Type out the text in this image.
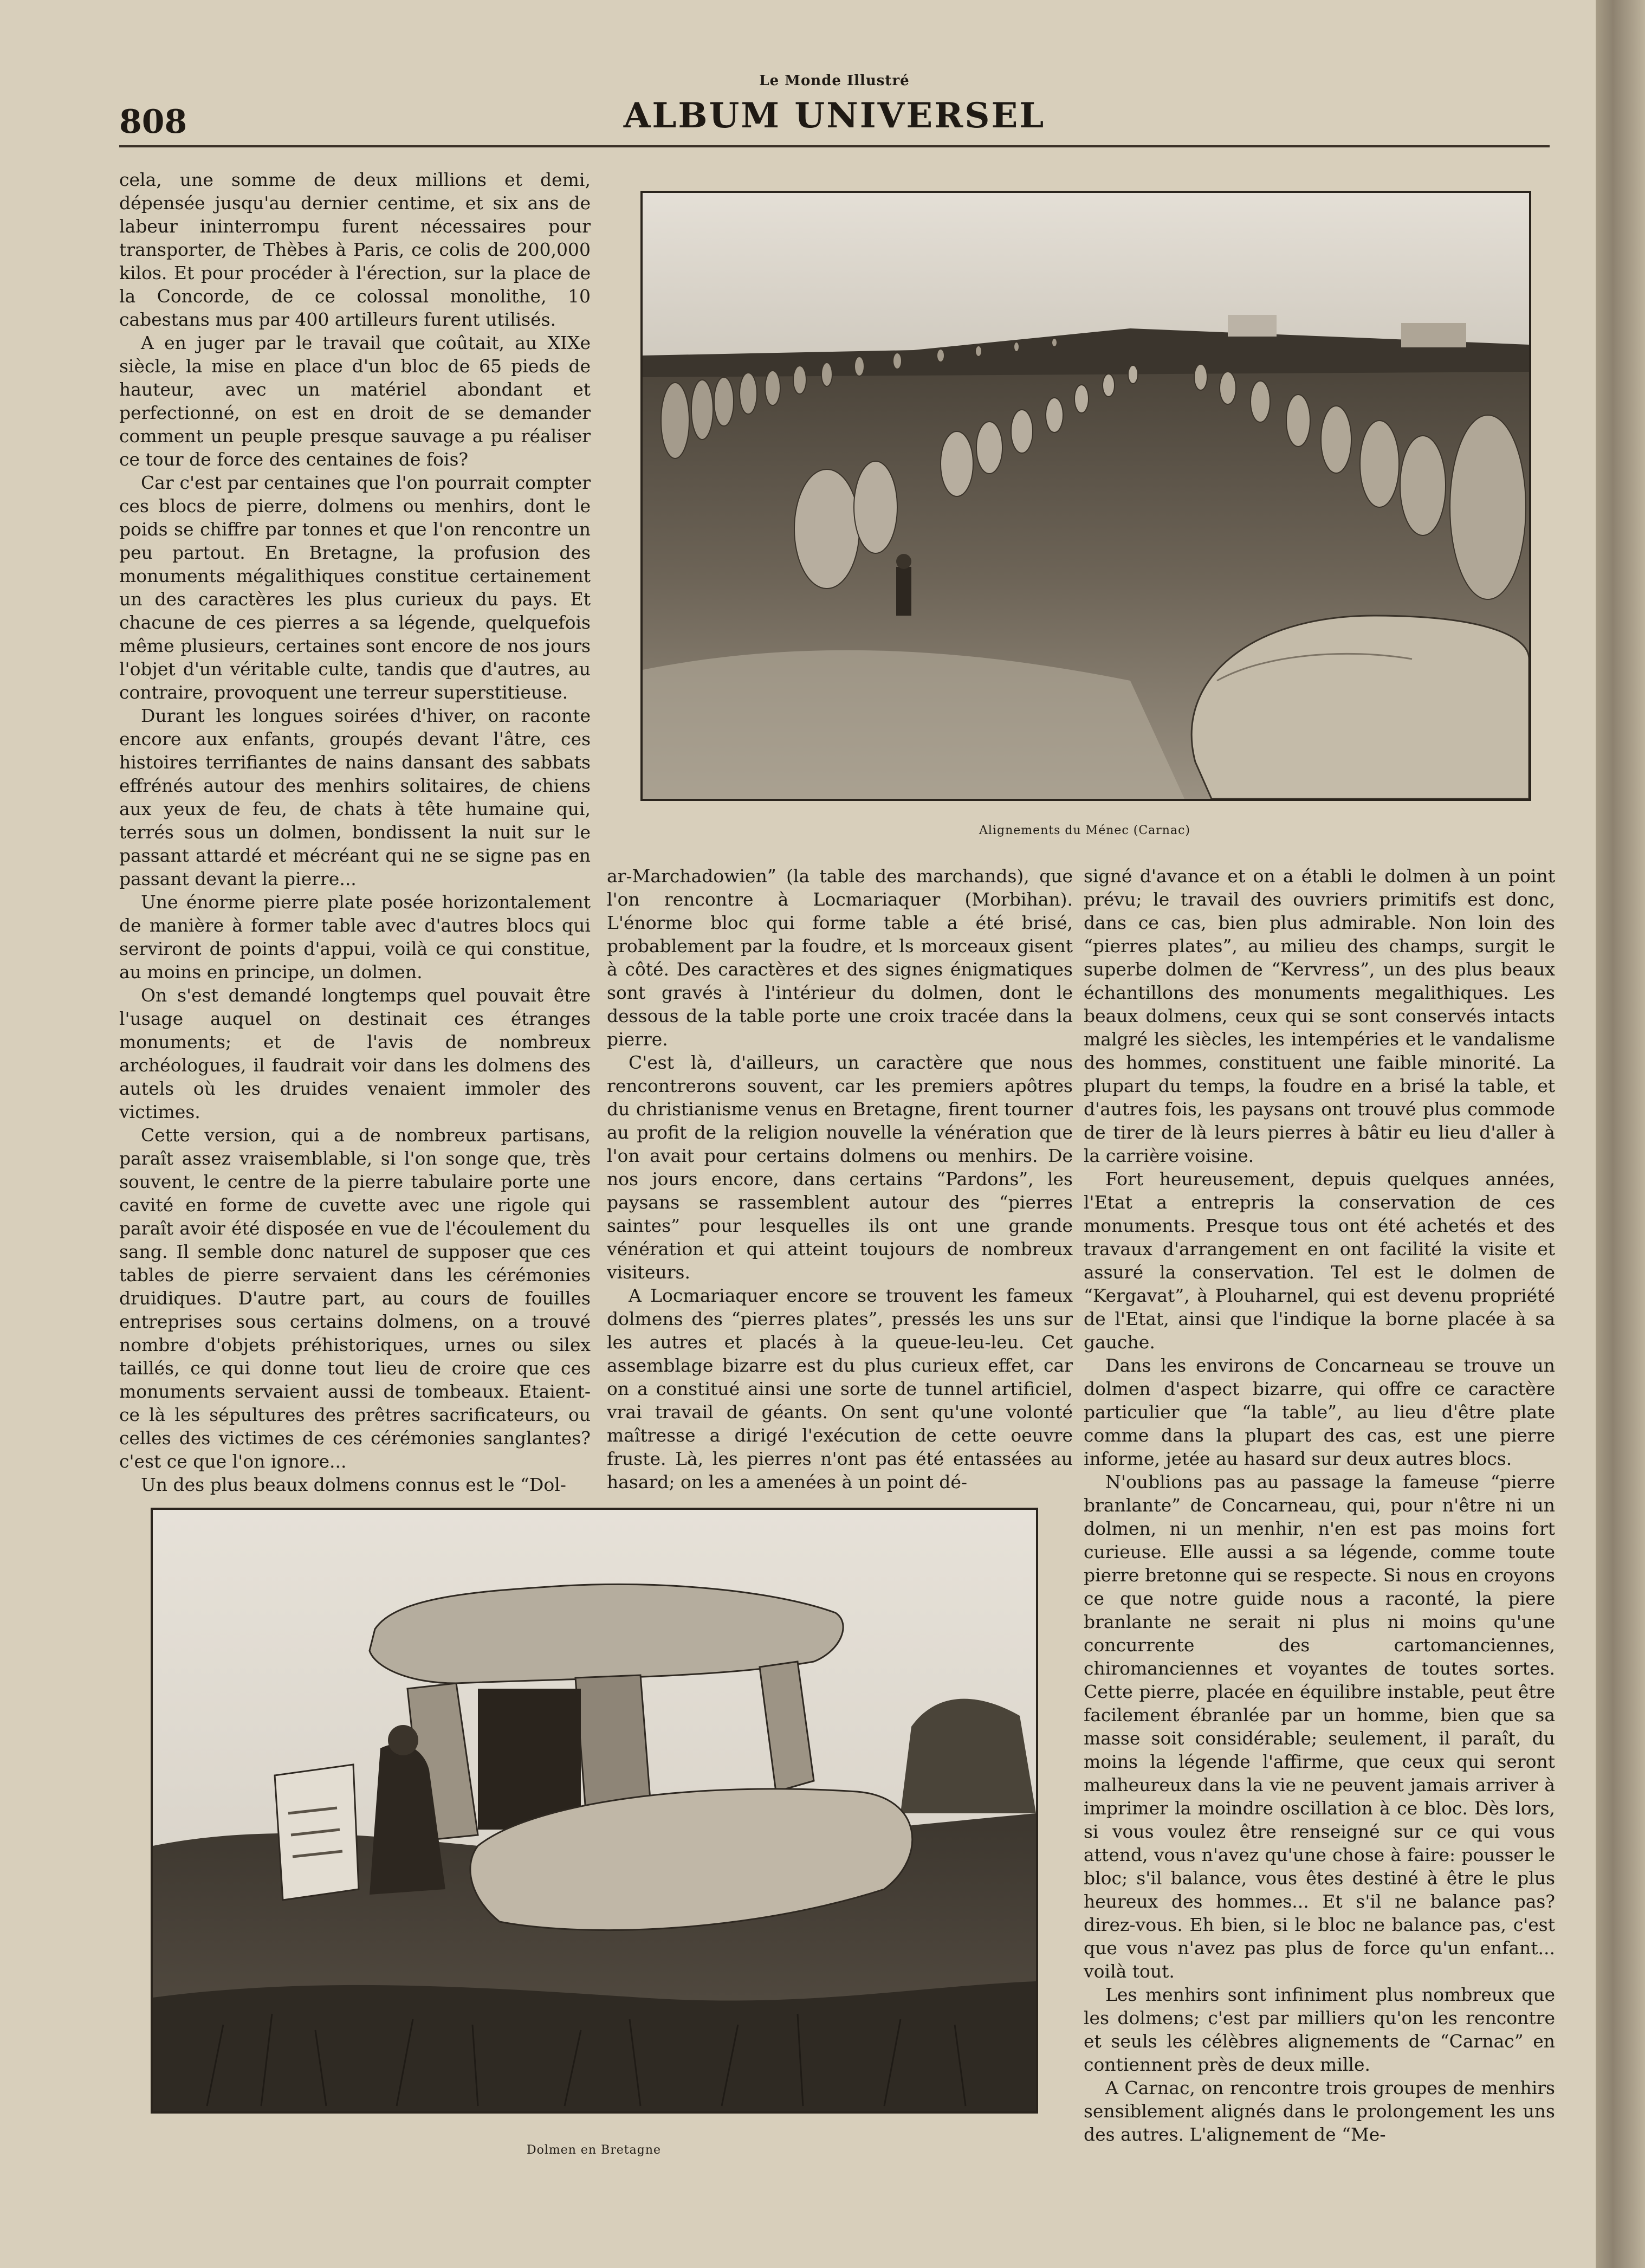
808
Le Monde Illustré
ALBUM UNIVERSEL

cela, une somme de deux millions et demi, dépensée jusqu'au dernier centime, et six ans de labeur ininterrompu furent nécessaires pour transporter, de Thèbes à Paris, ce colis de 200,000 kilos. Et pour procéder à l'érection, sur la place de la Concorde, de ce colossal monolithe, 10 cabestans mus par 400 artilleurs furent utilisés.

A en juger par le travail que coûtait, au XIXe siècle, la mise en place d'un bloc de 65 pieds de hauteur, avec un matériel abondant et perfectionné, on est en droit de se demander comment un peuple presque sauvage a pu réaliser ce tour de force des centaines de fois?

Car c'est par centaines que l'on pourrait compter ces blocs de pierre, dolmens ou menhirs, dont le poids se chiffre par tonnes et que l'on rencontre un peu partout. En Bretagne, la profusion des monuments mégalithiques constitue certainement un des caractères les plus curieux du pays. Et chacune de ces pierres a sa légende, quelquefois même plusieurs, certaines sont encore de nos jours l'objet d'un véritable culte, tandis que d'autres, au contraire, provoquent une terreur superstitieuse.

Durant les longues soirées d'hiver, on raconte encore aux enfants, groupés devant l'âtre, ces histoires terrifiantes de nains dansant des sabbats effrénés autour des menhirs solitaires, de chiens aux yeux de feu, de chats à tête humaine qui, terrés sous un dolmen, bondissent la nuit sur le passant attardé et mécréant qui ne se signe pas en passant devant la pierre...

Une énorme pierre plate posée horizontalement de manière à former table avec d'autres blocs qui serviront de points d'appui, voilà ce qui constitue, au moins en principe, un dolmen.

On s'est demandé longtemps quel pouvait être l'usage auquel on destinait ces étranges monuments; et de l'avis de nombreux archéologues, il faudrait voir dans les dolmens des autels où les druides venaient immoler des victimes.

Cette version, qui a de nombreux partisans, paraît assez vraisemblable, si l'on songe que, très souvent, le centre de la pierre tabulaire porte une cavité en forme de cuvette avec une rigole qui paraît avoir été disposée en vue de l'écoulement du sang. Il semble donc naturel de supposer que ces tables de pierre servaient dans les cérémonies druidiques. D'autre part, au cours de fouilles entreprises sous certains dolmens, on a trouvé nombre d'objets préhistoriques, urnes ou silex taillés, ce qui donne tout lieu de croire que ces monuments servaient aussi de tombeaux. Etaient-ce là les sépultures des prêtres sacrificateurs, ou celles des victimes de ces cérémonies sanglantes? c'est ce que l'on ignore...

Un des plus beaux dolmens connus est le “Dol-

Alignements du Ménec (Carnac)

ar-Marchadowien” (la table des marchands), que l'on rencontre à Locmariaquer (Morbihan). L'énorme bloc qui forme table a été brisé, probablement par la foudre, et ls morceaux gisent à côté. Des caractères et des signes énigmatiques sont gravés à l'intérieur du dolmen, dont le dessous de la table porte une croix tracée dans la pierre.

C'est là, d'ailleurs, un caractère que nous rencontrerons souvent, car les premiers apôtres du christianisme venus en Bretagne, firent tourner au profit de la religion nouvelle la vénération que l'on avait pour certains dolmens ou menhirs. De nos jours encore, dans certains “Pardons”, les paysans se rassemblent autour des “pierres saintes” pour lesquelles ils ont une grande vénération et qui atteint toujours de nombreux visiteurs.

A Locmariaquer encore se trouvent les fameux dolmens des “pierres plates”, pressés les uns sur les autres et placés à la queue-leu-leu. Cet assemblage bizarre est du plus curieux effet, car on a constitué ainsi une sorte de tunnel artificiel, vrai travail de géants. On sent qu'une volonté maîtresse a dirigé l'exécution de cette oeuvre fruste. Là, les pierres n'ont pas été entassées au hasard; on les a amenées à un point dé-

signé d'avance et on a établi le dolmen à un point prévu; le travail des ouvriers primitifs est donc, dans ce cas, bien plus admirable. Non loin des “pierres plates”, au milieu des champs, surgit le superbe dolmen de “Kervress”, un des plus beaux échantillons des monuments megalithiques. Les beaux dolmens, ceux qui se sont conservés intacts malgré les siècles, les intempéries et le vandalisme des hommes, constituent une faible minorité. La plupart du temps, la foudre en a brisé la table, et d'autres fois, les paysans ont trouvé plus commode de tirer de là leurs pierres à bâtir eu lieu d'aller à la carrière voisine.

Fort heureusement, depuis quelques années, l'Etat a entrepris la conservation de ces monuments. Presque tous ont été achetés et des travaux d'arrangement en ont facilité la visite et assuré la conservation. Tel est le dolmen de “Kergavat”, à Plouharnel, qui est devenu propriété de l'Etat, ainsi que l'indique la borne placée à sa gauche.

Dans les environs de Concarneau se trouve un dolmen d'aspect bizarre, qui offre ce caractère particulier que “la table”, au lieu d'être plate comme dans la plupart des cas, est une pierre informe, jetée au hasard sur deux autres blocs.

N'oublions pas au passage la fameuse “pierre branlante” de Concarneau, qui, pour n'être ni un dolmen, ni un menhir, n'en est pas moins fort curieuse. Elle aussi a sa légende, comme toute pierre bretonne qui se respecte. Si nous en croyons ce que notre guide nous a raconté, la piere branlante ne serait ni plus ni moins qu'une concurrente des cartomanciennes, chiromanciennes et voyantes de toutes sortes. Cette pierre, placée en équilibre instable, peut être facilement ébranlée par un homme, bien que sa masse soit considérable; seulement, il paraît, du moins la légende l'affirme, que ceux qui seront malheureux dans la vie ne peuvent jamais arriver à imprimer la moindre oscillation à ce bloc. Dès lors, si vous voulez être renseigné sur ce qui vous attend, vous n'avez qu'une chose à faire: pousser le bloc; s'il balance, vous êtes destiné à être le plus heureux des hommes... Et s'il ne balance pas? direz-vous. Eh bien, si le bloc ne balance pas, c'est que vous n'avez pas plus de force qu'un enfant... voilà tout.

Les menhirs sont infiniment plus nombreux que les dolmens; c'est par milliers qu'on les rencontre et seuls les célèbres alignements de “Carnac” en contiennent près de deux mille.

A Carnac, on rencontre trois groupes de menhirs sensiblement alignés dans le prolongement les uns des autres. L'alignement de “Me-

Dolmen en Bretagne
